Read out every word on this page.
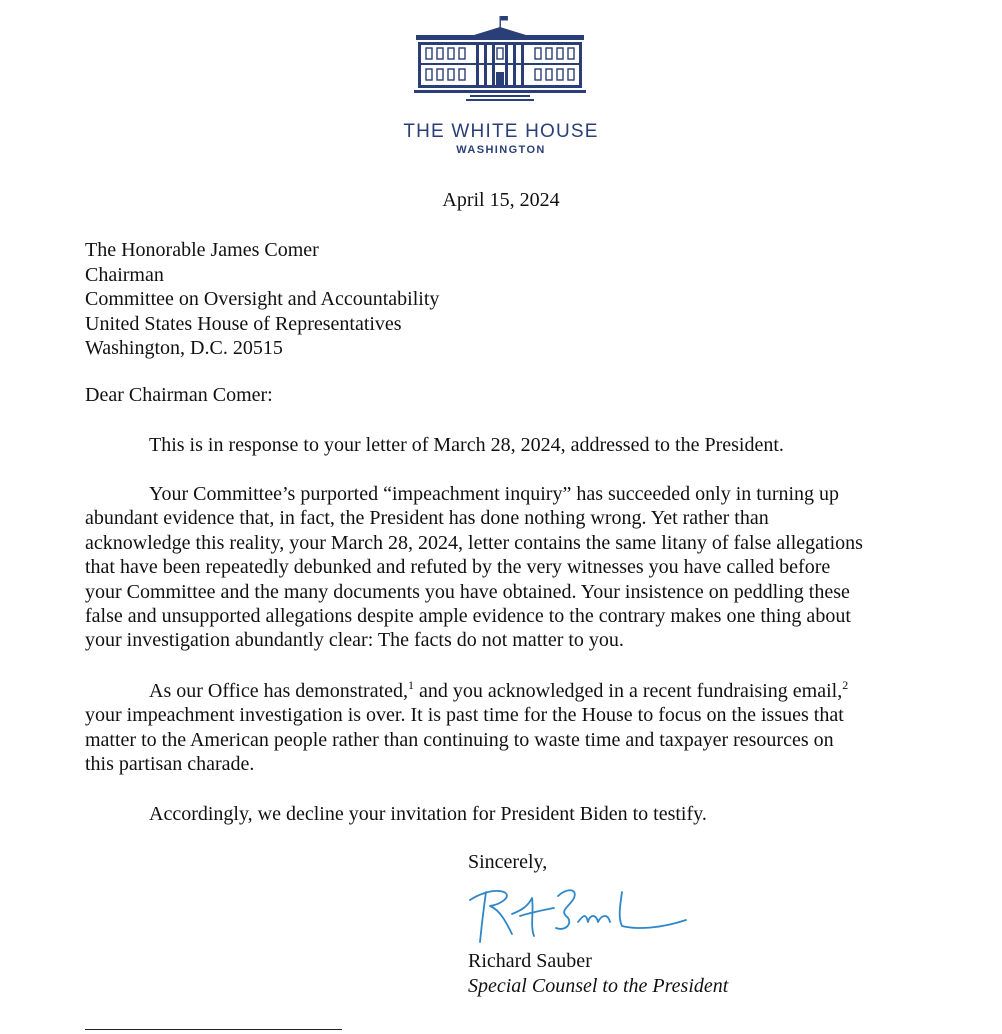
THE WHITE HOUSE
WASHINGTON
April 15, 2024
The Honorable James Comer
Chairman
Committee on Oversight and Accountability
United States House of Representatives
Washington, D.C. 20515
Dear Chairman Comer:
This is in response to your letter of March 28, 2024, addressed to the President.
Your Committee’s purported “impeachment inquiry” has succeeded only in turning up
abundant evidence that, in fact, the President has done nothing wrong. Yet rather than
acknowledge this reality, your March 28, 2024, letter contains the same litany of false allegations
that have been repeatedly debunked and refuted by the very witnesses you have called before
your Committee and the many documents you have obtained. Your insistence on peddling these
false and unsupported allegations despite ample evidence to the contrary makes one thing about
your investigation abundantly clear: The facts do not matter to you.
As our Office has demonstrated,$^1$ and you acknowledged in a recent fundraising email,$^2$
your impeachment investigation is over. It is past time for the House to focus on the issues that
matter to the American people rather than continuing to waste time and taxpayer resources on
this partisan charade.
Accordingly, we decline your invitation for President Biden to testify.
Sincerely,
Richard Sauber
Special Counsel to the President
